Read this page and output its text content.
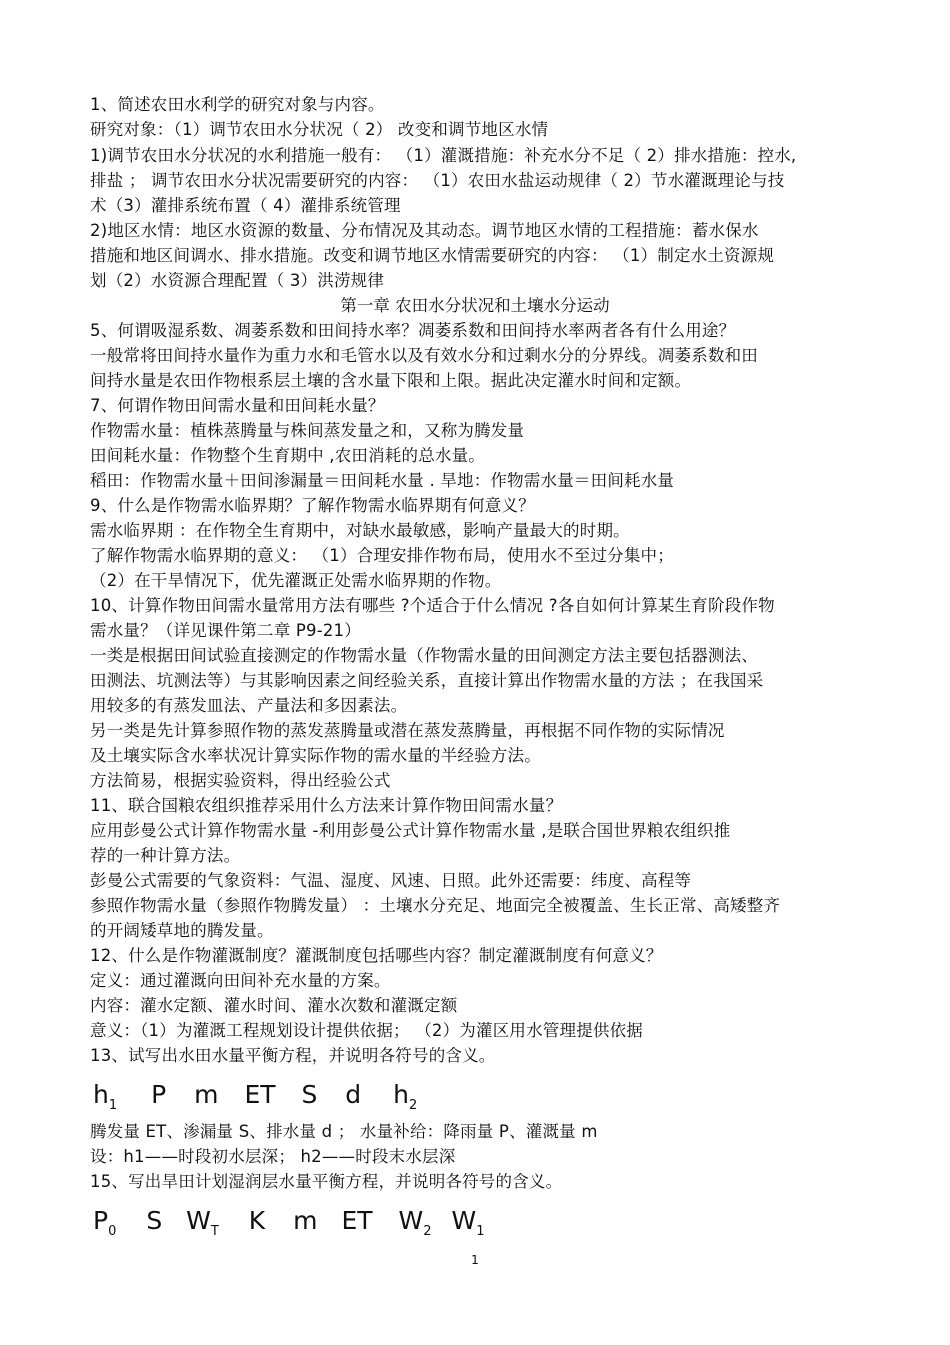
1、简述农田水利学的研究对象与内容。
研究对象：（1）调节农田水分状况（ 2） 改变和调节地区水情
1)调节农田水分状况的水利措施一般有： （1）灌溉措施：补充水分不足（ 2）排水措施：控水,
排盐 ； 调节农田水分状况需要研究的内容： （1）农田水盐运动规律（ 2）节水灌溉理论与技
术（3）灌排系统布置（ 4）灌排系统管理
2)地区水情：地区水资源的数量、分布情况及其动态。调节地区水情的工程措施：蓄水保水
措施和地区间调水、排水措施。改变和调节地区水情需要研究的内容： （1）制定水土资源规
划（2）水资源合理配置（ 3）洪涝规律
第一章 农田水分状况和土壤水分运动
5、何谓吸湿系数、凋萎系数和田间持水率？凋萎系数和田间持水率两者各有什么用途？
一般常将田间持水量作为重力水和毛管水以及有效水分和过剩水分的分界线。凋萎系数和田
间持水量是农田作物根系层土壤的含水量下限和上限。据此决定灌水时间和定额。
7、何谓作物田间需水量和田间耗水量？
作物需水量：植株蒸腾量与株间蒸发量之和，又称为腾发量
田间耗水量：作物整个生育期中 ,农田消耗的总水量。
稻田：作物需水量＋田间渗漏量＝田间耗水量 . 旱地：作物需水量＝田间耗水量
9、什么是作物需水临界期？了解作物需水临界期有何意义？
需水临界期 ：在作物全生育期中，对缺水最敏感，影响产量最大的时期。
了解作物需水临界期的意义： （1）合理安排作物布局，使用水不至过分集中；
（2）在干旱情况下，优先灌溉正处需水临界期的作物。
10、计算作物田间需水量常用方法有哪些 ?个适合于什么情况 ?各自如何计算某生育阶段作物
需水量？（详见课件第二章 P9-21）
一类是根据田间试验直接测定的作物需水量（作物需水量的田间测定方法主要包括器测法、
田测法、坑测法等）与其影响因素之间经验关系，直接计算出作物需水量的方法 ；在我国采
用较多的有蒸发皿法、产量法和多因素法。
另一类是先计算参照作物的蒸发蒸腾量或潜在蒸发蒸腾量，再根据不同作物的实际情况
及土壤实际含水率状况计算实际作物的需水量的半经验方法。
方法简易，根据实验资料，得出经验公式
11、联合国粮农组织推荐采用什么方法来计算作物田间需水量？
应用彭曼公式计算作物需水量 -利用彭曼公式计算作物需水量 ,是联合国世界粮农组织推
荐的一种计算方法。
彭曼公式需要的气象资料：气温、湿度、风速、日照。此外还需要：纬度、高程等
参照作物需水量（参照作物腾发量） ：土壤水分充足、地面完全被覆盖、生长正常、高矮整齐
的开阔矮草地的腾发量。
12、什么是作物灌溉制度？灌溉制度包括哪些内容？制定灌溉制度有何意义？
定义：通过灌溉向田间补充水量的方案。
内容：灌水定额、灌水时间、灌水次数和灌溉定额
意义：（1）为灌溉工程规划设计提供依据； （2）为灌区用水管理提供依据
13、试写出水田水量平衡方程，并说明各符号的含义。
$h_1$ P m ET S d $h_2$
腾发量 ET、渗漏量 S、排水量 d ； 水量补给：降雨量 P、灌溉量 m
设：h1——时段初水层深； h2——时段末水层深
15、写出旱田计划湿润层水量平衡方程，并说明各符号的含义。
$P_0$ S $W_T$ K m ET $W_2$ $W_1$
1
